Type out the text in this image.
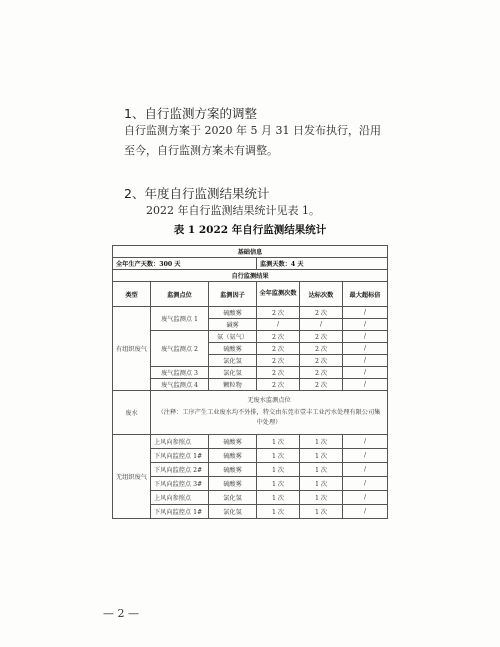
1、自行监测方案的调整
自行监测方案于 2020 年 5 月 31 日发布执行，沿用至今，自行监测方案未有调整。
2、年度自行监测结果统计
2022 年自行监测结果统计见表 1。
表 1 2022 年自行监测结果统计
基础信息					
全年生产天数：300 天			监测天数：4 天		
自行监测结果					
类型	监测点位	监测因子	全年监测次数	达标次数	最大超标倍
有组织废气	废气监测点 1	硫酸雾	2 次	2 次	/
		碱雾	/	/	/
	废气监测点 2	氨（氨气）	2 次	2 次	/
		硫酸雾	2 次	2 次	/
		氯化氢	2 次	2 次	/
	废气监测点 3	氯化氢	2 次	2 次	/
	废气监测点 4	颗粒物	2 次	2 次	/
废水	无废水监测点位
（注释：工序产生工业废水均不外排，特交由东莞市壹丰工业污水处理有限公司集中处理）				

无组织废气	上风向参照点	硫酸雾	1 次	1 次	/
	下风向监控点 1#	硫酸雾	1 次	1 次	/
	下风向监控点 2#	硫酸雾	1 次	1 次	/
	下风向监控点 3#	硫酸雾	1 次	1 次	/
	上风向参照点	氯化氢	1 次	1 次	/
	下风向监控点 1#	氯化氢	1 次	1 次	/
— 2 —
